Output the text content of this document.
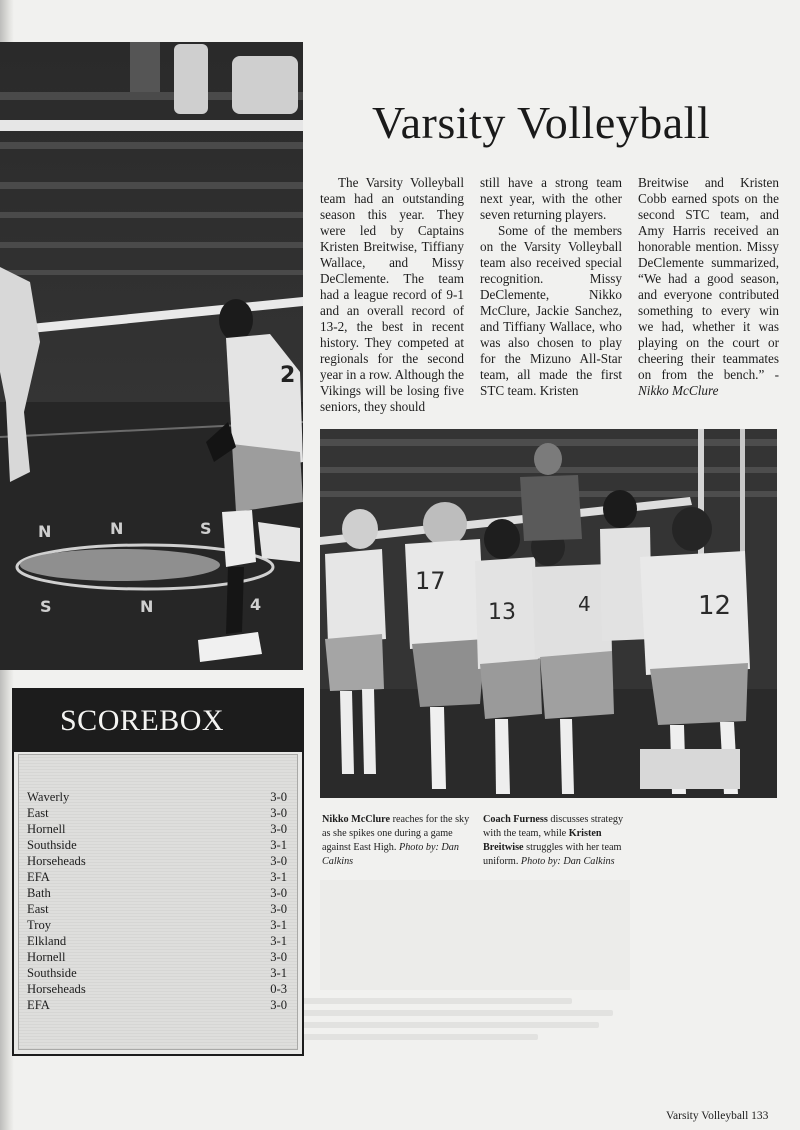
N	N	S
S	N	4
2
Varsity Volleyball

The Varsity Volleyball team had an outstanding season this year. They were led by Captains Kristen Breitwise, Tiffiany Wallace, and Missy DeClemente. The team had a league record of 9-1 and an overall record of 13-2, the best in recent history. They competed at regionals for the second year in a row. Although the Vikings will be losing five seniors, they should

still have a strong team next year, with the other seven returning players.

Some of the members on the Varsity Volleyball team also received special recognition. Missy DeClemente, Nikko McClure, Jackie Sanchez, and Tiffiany Wallace, who was also chosen to play for the Mizuno All-Star team, all made the first STC team. Kristen

Breitwise and Kristen Cobb earned spots on the second STC team, and Amy Harris received an honorable mention. Missy DeClemente summarized, “We had a good season, and everyone contributed something to every win we had, whether it was playing on the court or cheering their teammates on from the bench.” -Nikko McClure

17
13	4	12
Nikko McClure reaches for the sky as she spikes one during a game against East High. Photo by: Dan Calkins
Coach Furness discusses strategy with the team, while Kristen Breitwise struggles with her team uniform. Photo by: Dan Calkins
SCOREBOX
Waverly	3-0
East	3-0
Hornell	3-0
Southside	3-1
Horseheads	3-0
EFA	3-1
Bath	3-0
East	3-0
Troy	3-1
Elkland	3-1
Hornell	3-0
Southside	3-1
Horseheads	0-3
EFA	3-0
Varsity Volleyball 133
